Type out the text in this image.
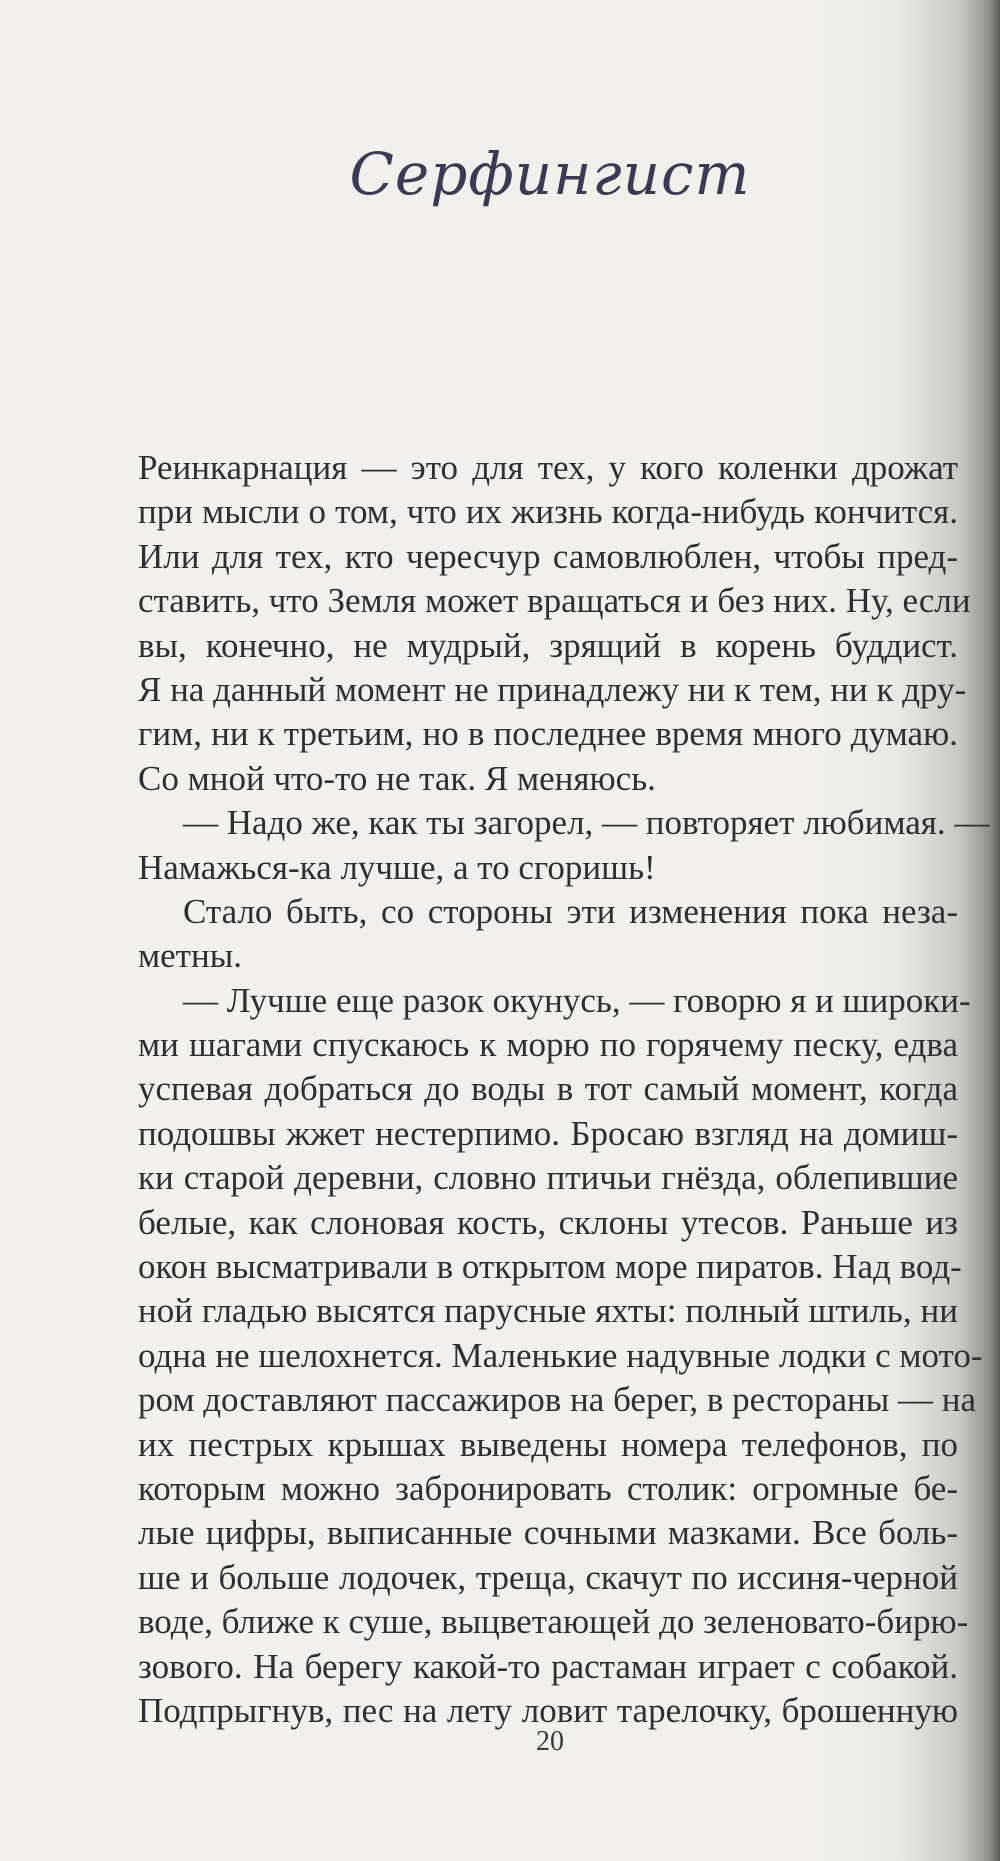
Серфингист
Реинкарнация — это для тех, у кого коленки дрожат
при мысли о том, что их жизнь когда-нибудь кончится.
Или для тех, кто чересчур самовлюблен, чтобы пред-
ставить, что Земля может вращаться и без них. Ну, если
вы, конечно, не мудрый, зрящий в корень буддист.
Я на данный момент не принадлежу ни к тем, ни к дру-
гим, ни к третьим, но в последнее время много думаю.
Со мной что-то не так. Я меняюсь.
— Надо же, как ты загорел, — повторяет любимая. —
Намажься-ка лучше, а то сгоришь!
Стало быть, со стороны эти изменения пока неза-
метны.
— Лучше еще разок окунусь, — говорю я и широки-
ми шагами спускаюсь к морю по горячему песку, едва
успевая добраться до воды в тот самый момент, когда
подошвы жжет нестерпимо. Бросаю взгляд на домиш-
ки старой деревни, словно птичьи гнёзда, облепившие
белые, как слоновая кость, склоны утесов. Раньше из
окон высматривали в открытом море пиратов. Над вод-
ной гладью высятся парусные яхты: полный штиль, ни
одна не шелохнется. Маленькие надувные лодки с мото-
ром доставляют пассажиров на берег, в рестораны — на
их пестрых крышах выведены номера телефонов, по
которым можно забронировать столик: огромные бе-
лые цифры, выписанные сочными мазками. Все боль-
ше и больше лодочек, треща, скачут по иссиня-черной
воде, ближе к суше, выцветающей до зеленовато-бирю-
зового. На берегу какой-то растаман играет с собакой.
Подпрыгнув, пес на лету ловит тарелочку, брошенную
20
